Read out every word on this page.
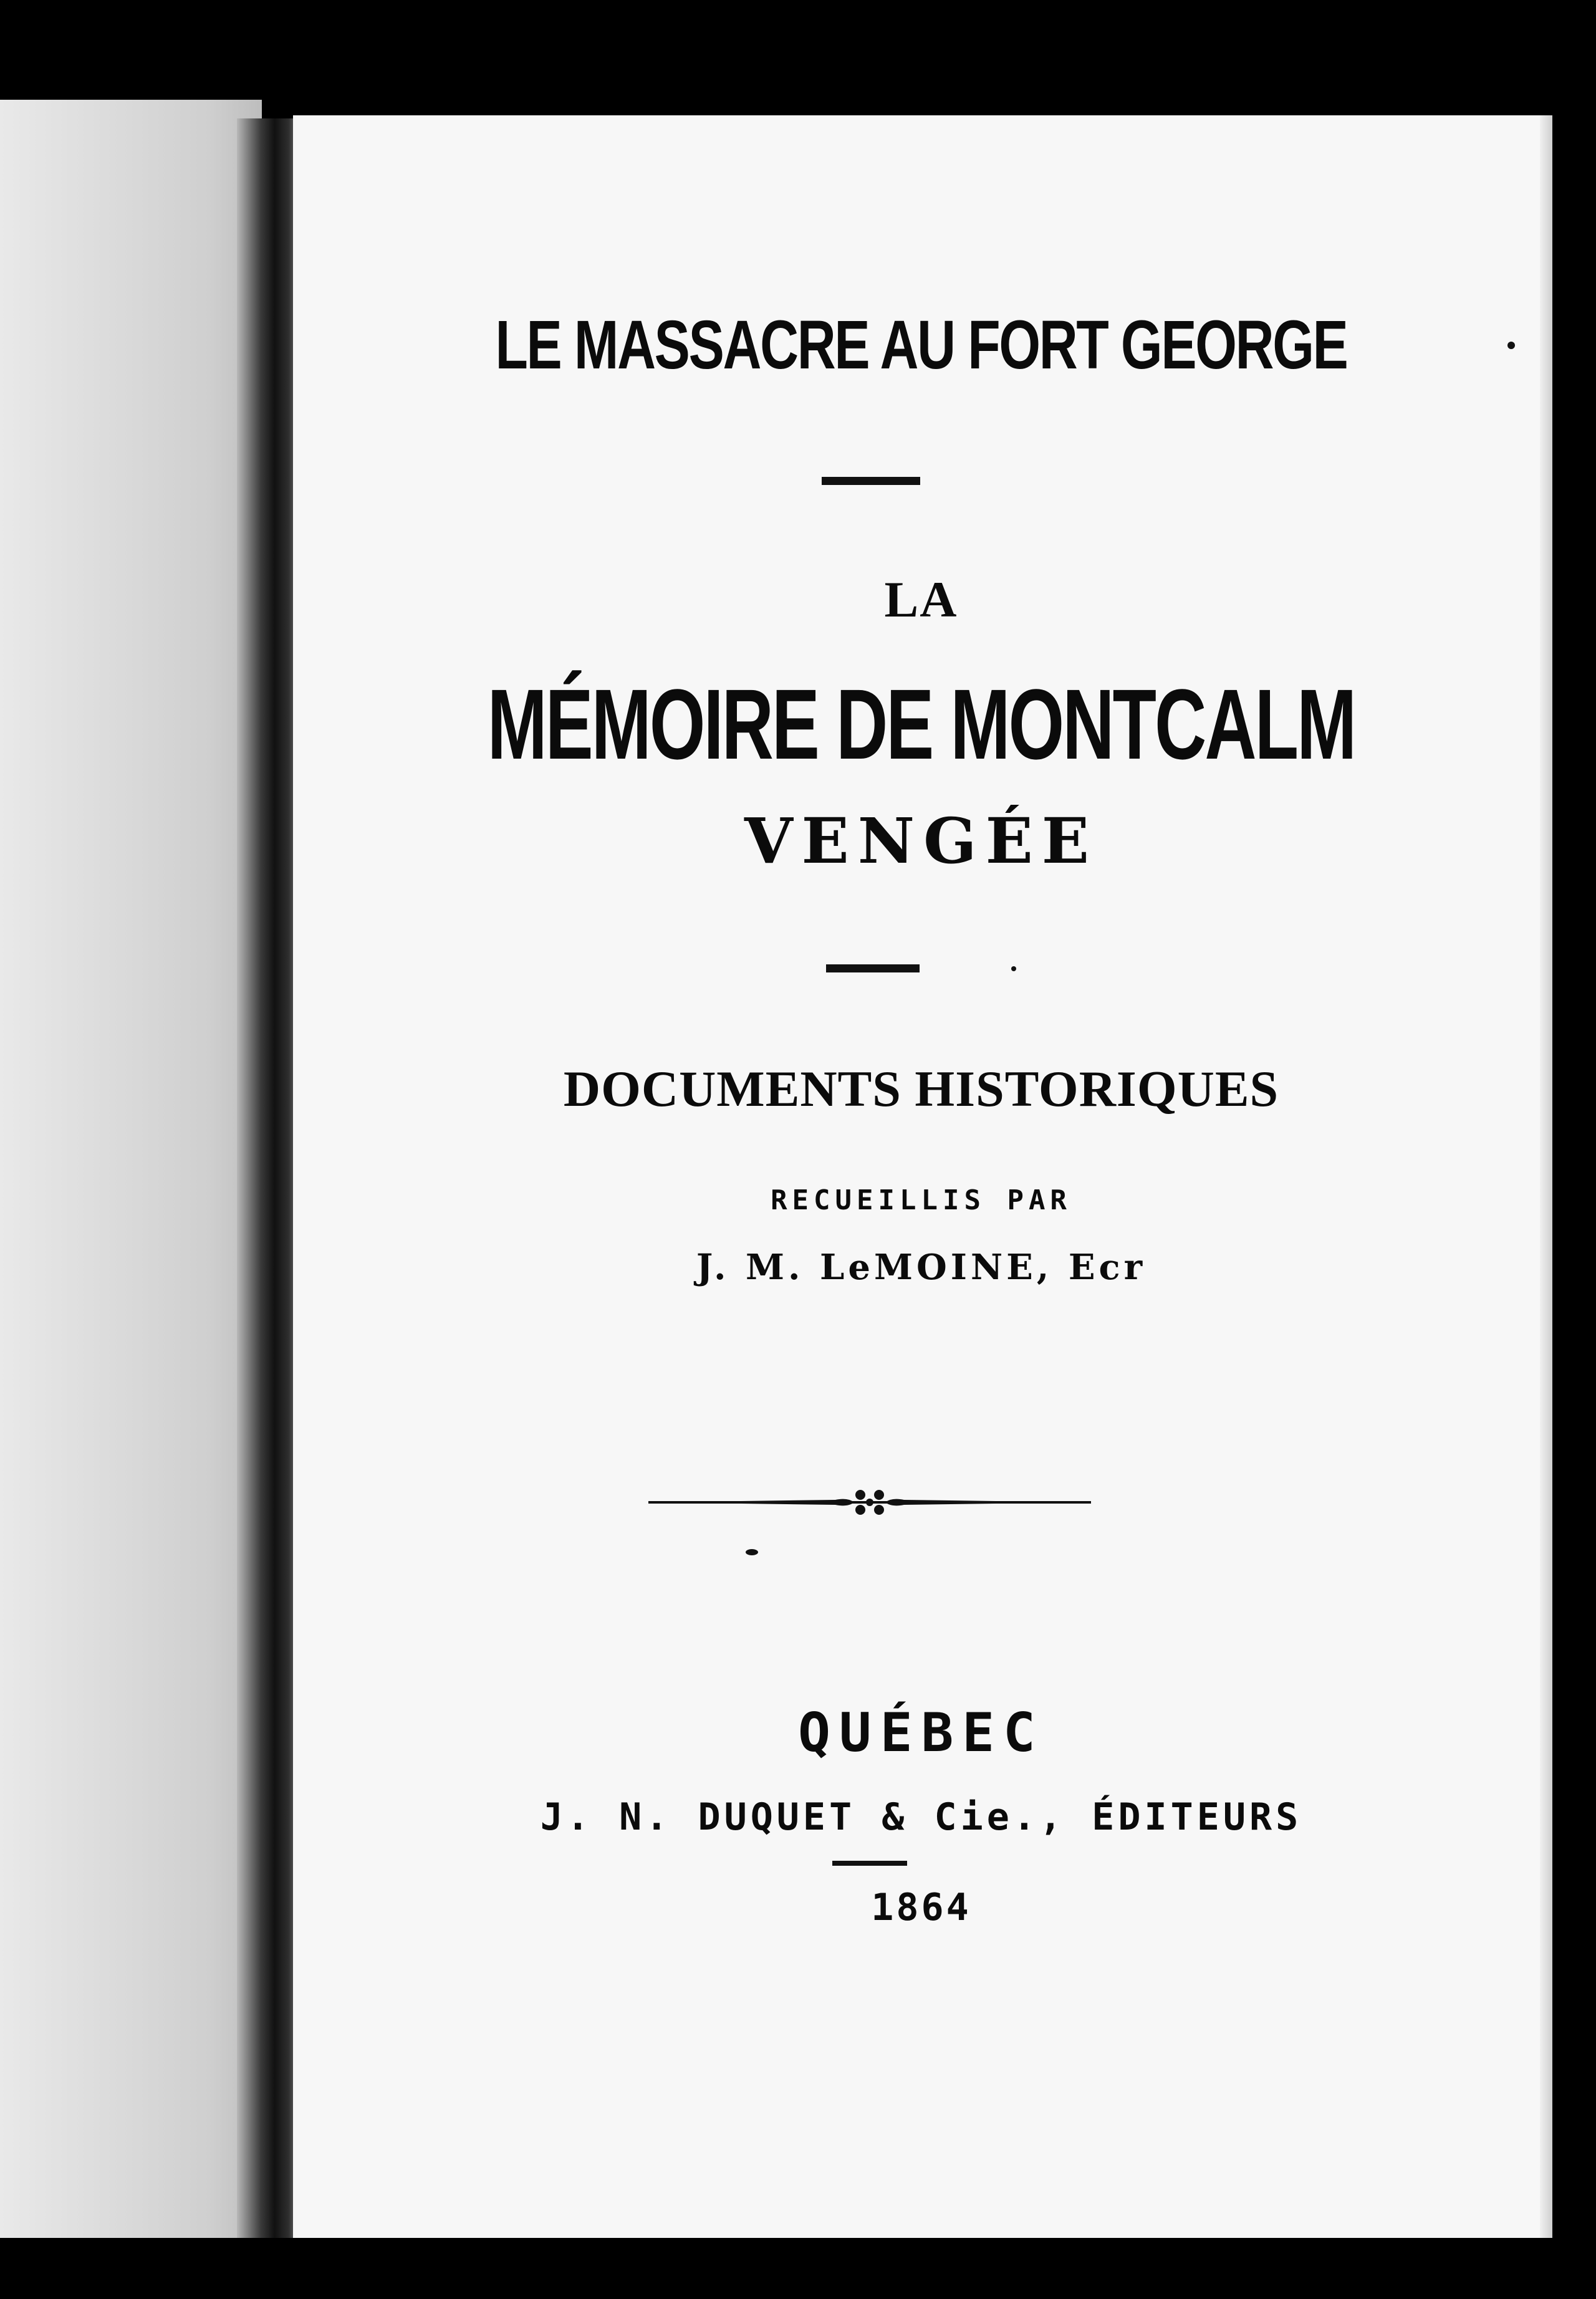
LE MASSACRE AU FORT GEORGE
LA
MÉMOIRE DE MONTCALM
VENGÉE
DOCUMENTS HISTORIQUES
RECUEILLIS PAR
J. M. LeMOINE, Ecr
QUÉBEC
J. N. DUQUET & Cie., ÉDITEURS
1864
